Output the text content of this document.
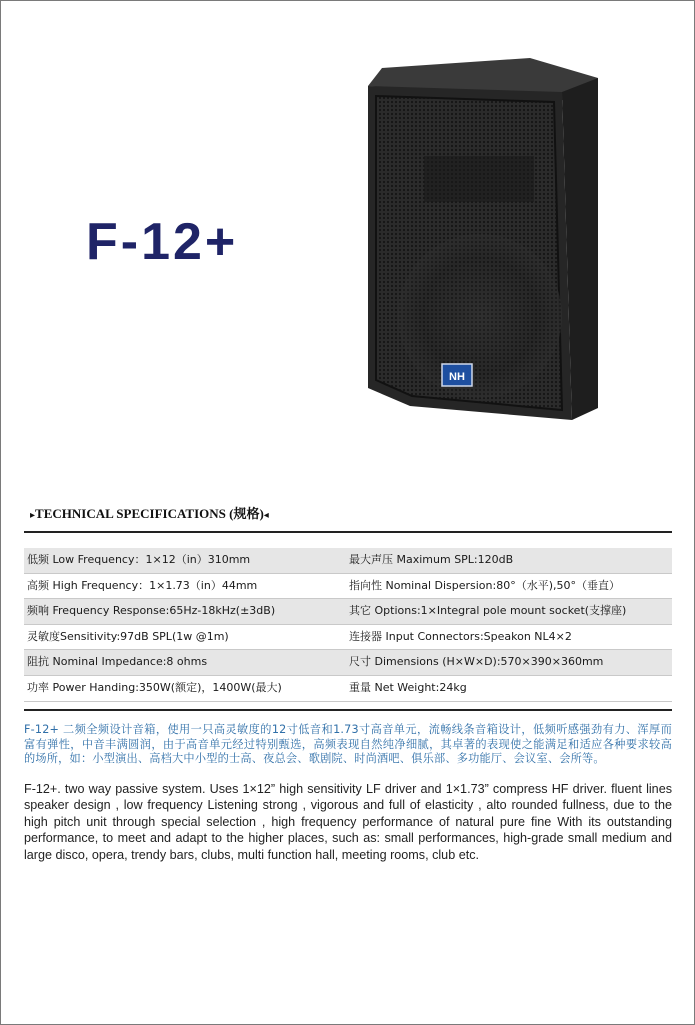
F-12+
NH
▸TECHNICAL SPECIFICATIONS (规格)◂
低频 Low Frequency：1×12（in）310mm	最大声压 Maximum SPL:120dB
高频 High Frequency：1×1.73（in）44mm	指向性 Nominal Dispersion:80°（水平),50°（垂直）
频响 Frequency Response:65Hz-18kHz(±3dB)	其它 Options:1×Integral pole mount socket(支撑座)
灵敏度Sensitivity:97dB SPL(1w @1m)	连接器 Input Connectors:Speakon NL4×2
阻抗 Nominal Impedance:8 ohms	尺寸 Dimensions (H×W×D):570×390×360mm
功率 Power Handing:350W(额定)，1400W(最大)	重量 Net Weight:24kg
F-12+ 二频全频设计音箱，使用一只高灵敏度的12寸低音和1.73寸高音单元，流畅线条音箱设计，低频听感强劲有力、浑厚而富有弹性，中音丰满圆润，由于高音单元经过特别甄选，高频表现自然纯净细腻，其卓著的表现使之能满足和适应各种要求较高的场所，如：小型演出、高档大中小型的士高、夜总会、歌剧院、时尚酒吧、俱乐部、多功能厅、会议室、会所等。
F-12+. two way passive system. Uses 1×12” high sensitivity LF driver and 1×1.73” compress HF driver. fluent lines speaker design , low frequency Listening strong , vigorous and full of elasticity , alto rounded fullness, due to the high pitch unit through special selection , high frequency performance of natural pure fine With its outstanding performance, to meet and adapt to the higher places, such as: small performances, high-grade small medium and large disco, opera, trendy bars, clubs, multi function hall, meeting rooms, club etc.
